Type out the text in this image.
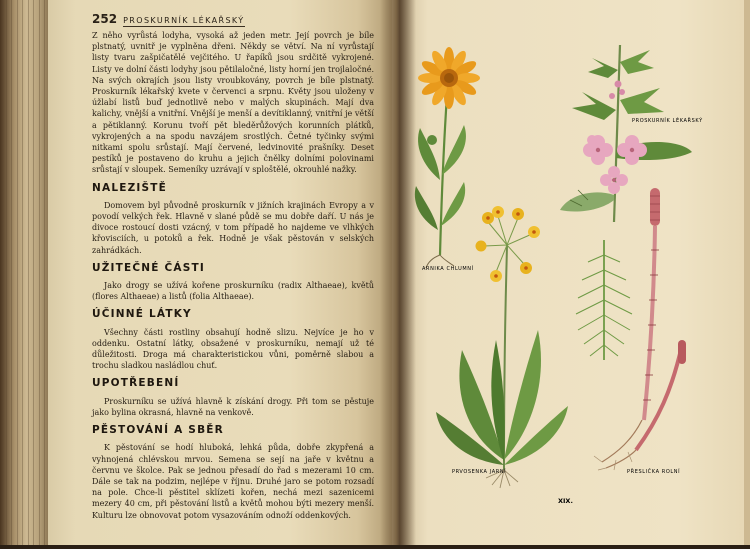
252 PROSKURNÍK LÉKAŘSKÝ

Z něho vyrůstá lodyha, vysoká až jeden metr. Její povrch je bíle plstnatý, uvnitř je vyplněna dřeni. Někdy se větví. Na ní vyrůstají listy tvaru zašpičatělé vejčitého. U řapíků jsou srdčitě vykrojené. Listy ve dolní části lodyhy jsou pětilaločné, listy horní jen trojlaločné. Na svých okrajích jsou listy vroubkovány, povrch je bíle plstnatý. Proskurník lékařský kvete v červenci a srpnu. Květy jsou uloženy v úžlabí listů buď jednotlivě nebo v malých skupinách. Mají dva kalichy, vnější a vnitřní. Vnější je menší a devítiklanný, vnitřní je větší a pětiklanný. Korunu tvoří pět bleděrůžových korunních plátků, vykrojených a na spodu navzájem srostlých. Četné tyčinky svými nitkami spolu srůstají. Mají červené, ledvinovité prašníky. Deset pestíků je postaveno do kruhu a jejich čnělky dolními polovinami srůstají v sloupek. Semeníky uzrávají v sploštělé, okrouhlé nažky.

NALEZIŠTĚ

Domovem byl původně proskurník v jižních krajinách Evropy a v povodí velkých řek. Hlavně v slané půdě se mu dobře daří. U nás je divoce rostoucí dosti vzácný, v tom případě ho najdeme ve vlhkých křovisciích, u potoků a řek. Hodně je však pěstován v selských zahrádkách.

UŽITEČNÉ ČÁSTI

Jako drogy se užívá kořene proskurníku (radix Althaeae), květů (flores Althaeae) a listů (folia Althaeae).

ÚČINNÉ LÁTKY

Všechny části rostliny obsahují hodně slizu. Nejvíce je ho v oddenku. Ostatní látky, obsažené v proskurníku, nemají už té důležitosti. Droga má charakteristickou vůni, poměrně slabou a trochu sladkou nasládlou chuť.

UPOTŘEBENÍ

Proskurníku se užívá hlavně k získání drogy. Při tom se pěstuje jako bylina okrasná, hlavně na venkově.

PĚSTOVÁNÍ A SBĚR

K pěstování se hodí hluboká, lehká půda, dobře zkypřená a vyhnojená chlévskou mrvou. Semena se sejí na jaře v květnu a červnu ve školce. Pak se jednou přesadí do řad s mezerami 10 cm. Dále se tak na podzim, nejlépe v říjnu. Druhé jaro se potom rozsadí na pole. Chce-li pěstitel sklízeti kořen, nechá mezi sazenicemi mezery 40 cm, při pěstování listů a květů mohou býti mezery menší. Kulturu lze obnovovat potom vysazováním odnoží oddenkových.

ARNIKA CHLUMNÍ
PROSKURNÍK LÉKAŘSKÝ
PRVOSENKA JARNÍ	PŘESLIČKA ROLNÍ
XIX.
